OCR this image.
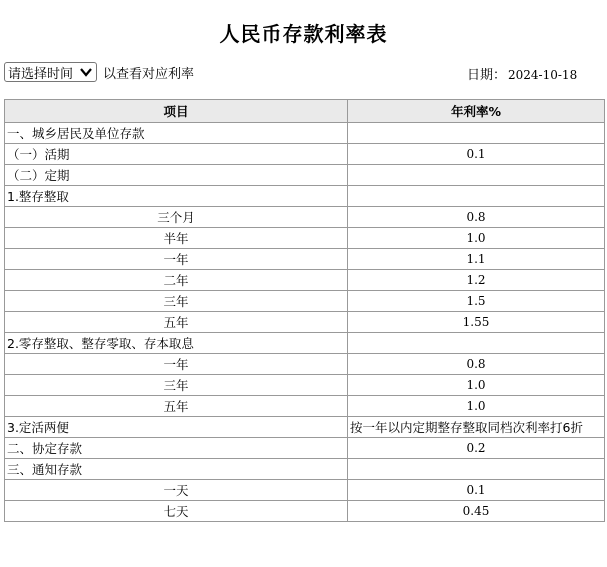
人民币存款利率表
请选择时间 以查看对应利率	日期： 2024-10-18
项目	年利率%
一、城乡居民及单位存款	
（一）活期	0.1
（二）定期	
1.整存整取	
三个月	0.8
半年	1.0
一年	1.1
二年	1.2
三年	1.5
五年	1.55
2.零存整取、整存零取、存本取息	
一年	0.8
三年	1.0
五年	1.0
3.定活两便	按一年以内定期整存整取同档次利率打6折
二、协定存款	0.2
三、通知存款	
一天	0.1
七天	0.45
